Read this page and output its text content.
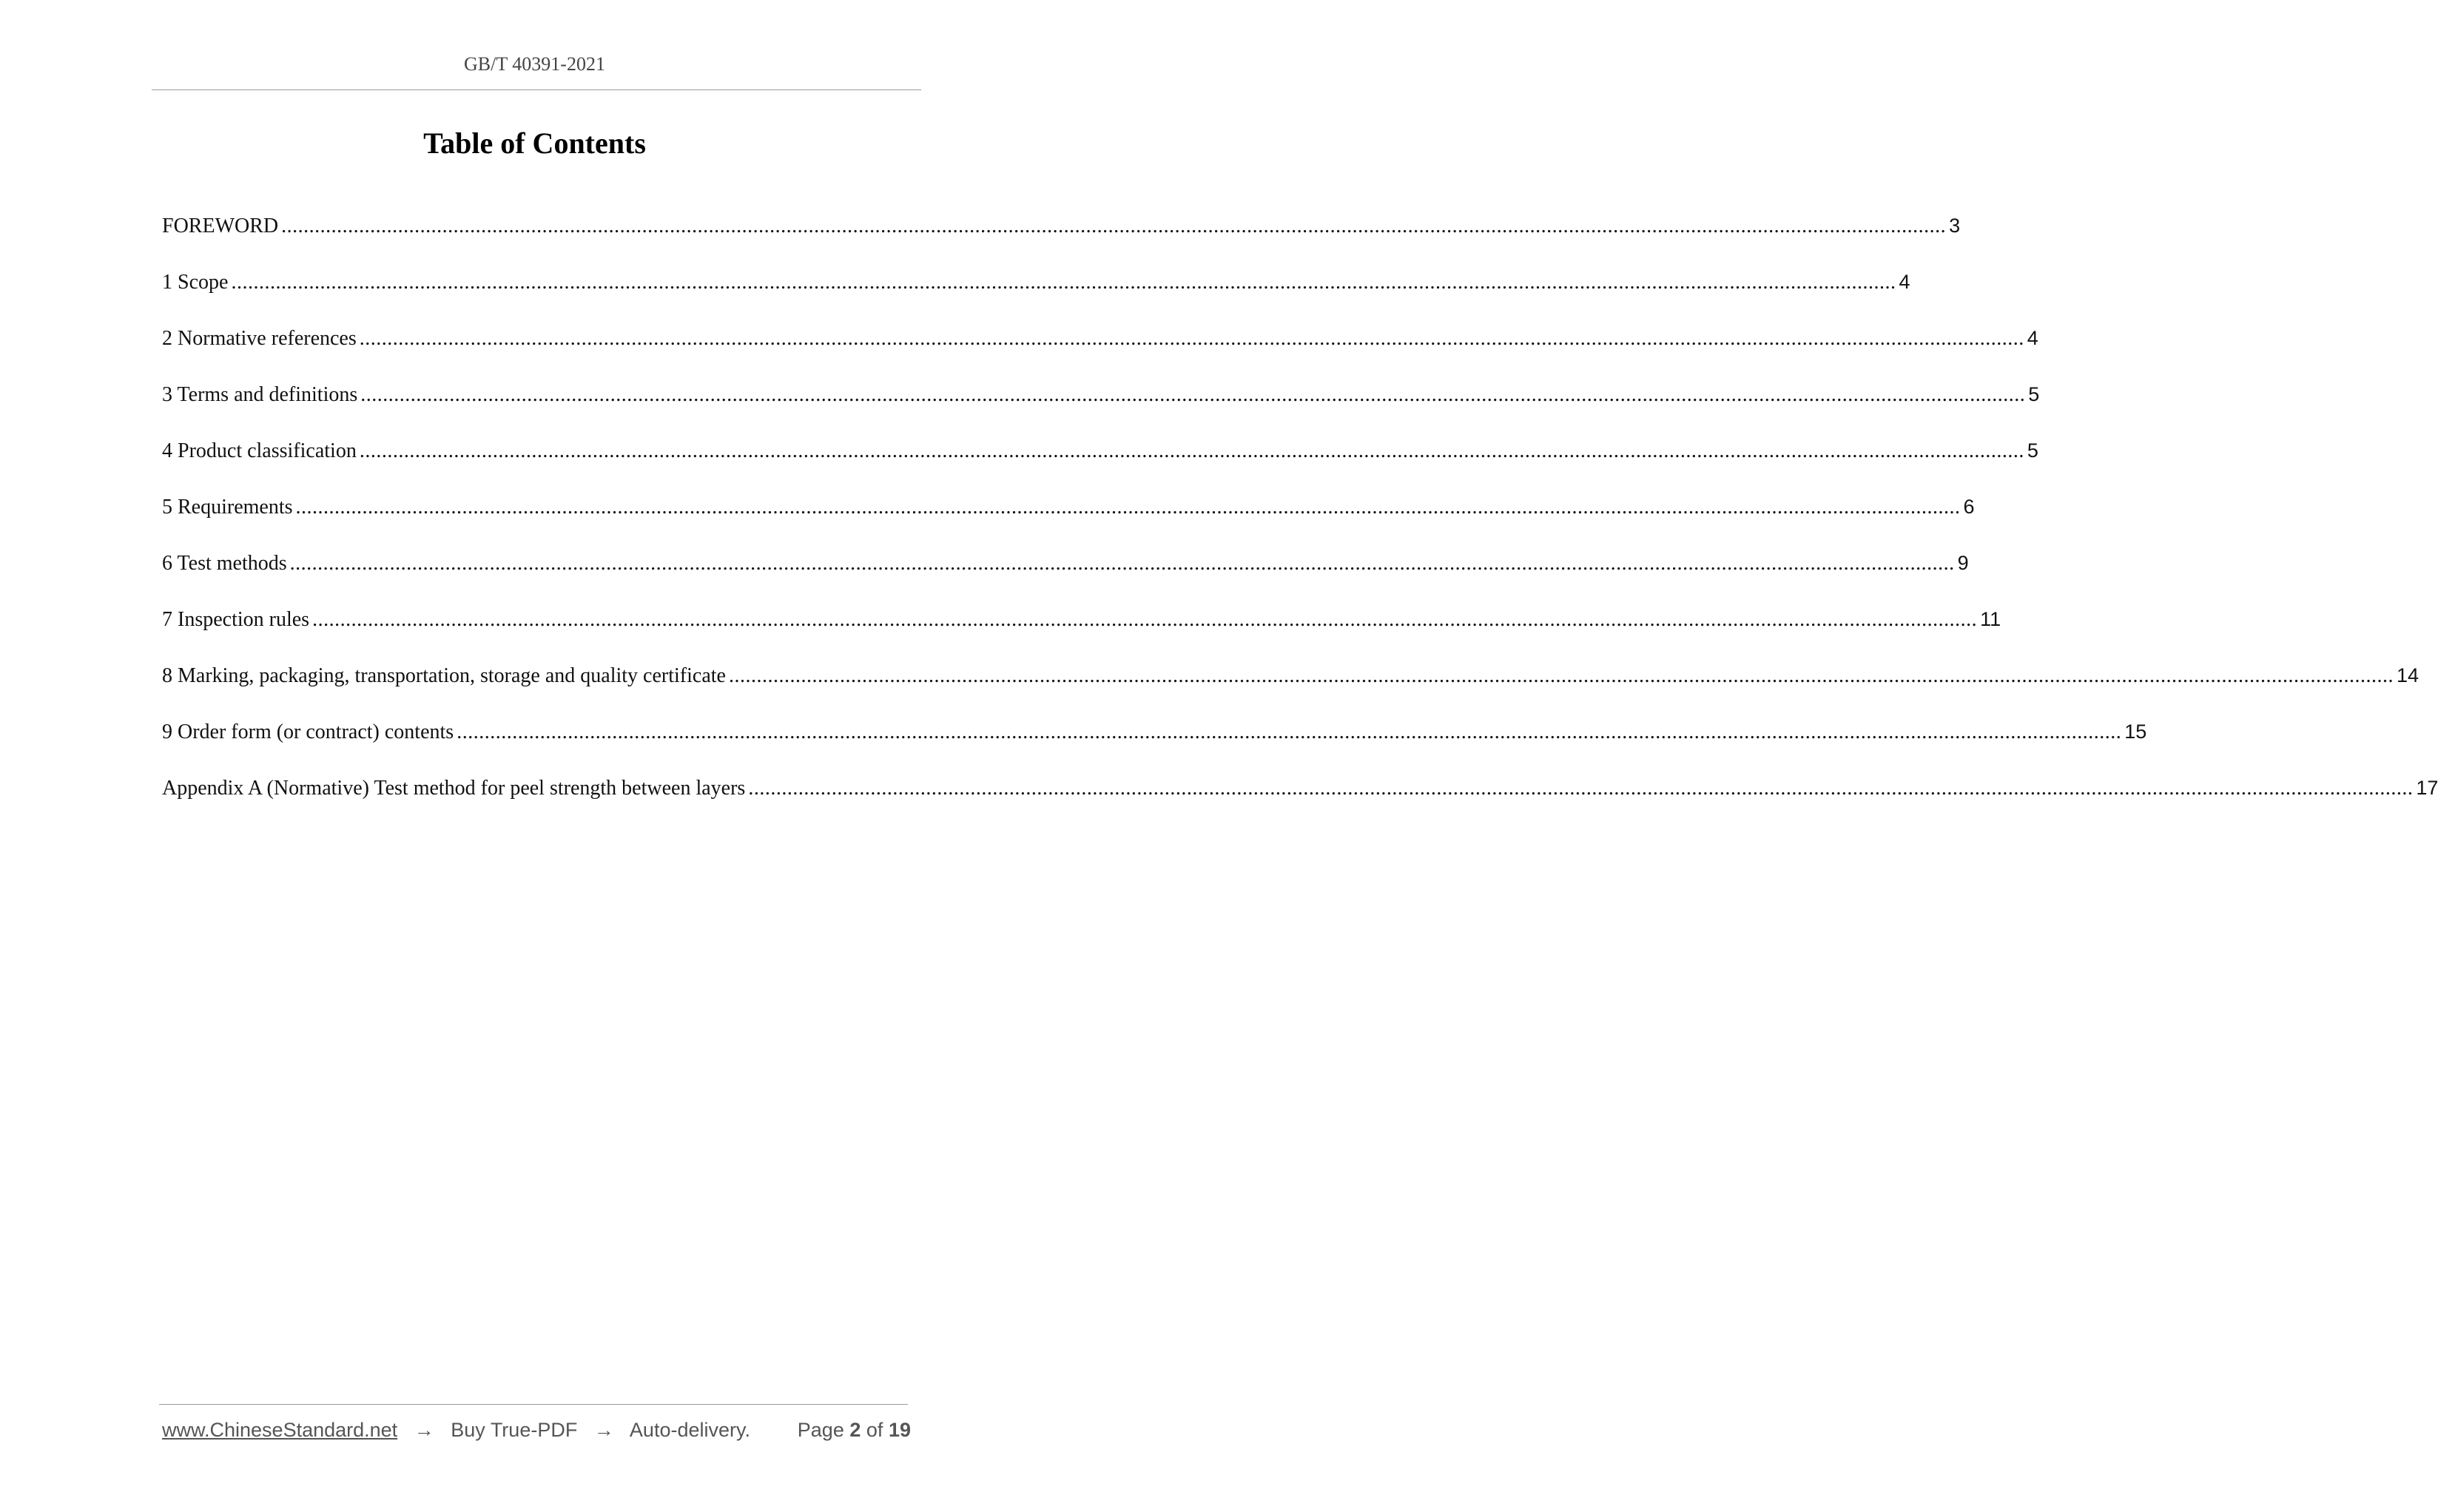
GB/T 40391-2021
Table of Contents
FOREWORD ............................................................................................................................................................................................................................................................................................................ 3
1 Scope ............................................................................................................................................................................................................................................................................................................ 4
2 Normative references ............................................................................................................................................................................................................................................................................................................ 4
3 Terms and definitions ............................................................................................................................................................................................................................................................................................................ 5
4 Product classification ............................................................................................................................................................................................................................................................................................................ 5
5 Requirements ............................................................................................................................................................................................................................................................................................................ 6
6 Test methods ............................................................................................................................................................................................................................................................................................................ 9
7 Inspection rules ............................................................................................................................................................................................................................................................................................................ 11
8 Marking, packaging, transportation, storage and quality certificate ............................................................................................................................................................................................................................................................................................................ 14
9 Order form (or contract) contents ............................................................................................................................................................................................................................................................................................................ 15
Appendix A (Normative) Test method for peel strength between layers ............................................................................................................................................................................................................................................................................................................ 17
www.ChineseStandard.net → Buy True-PDF → Auto-delivery. Page 2 of 19
